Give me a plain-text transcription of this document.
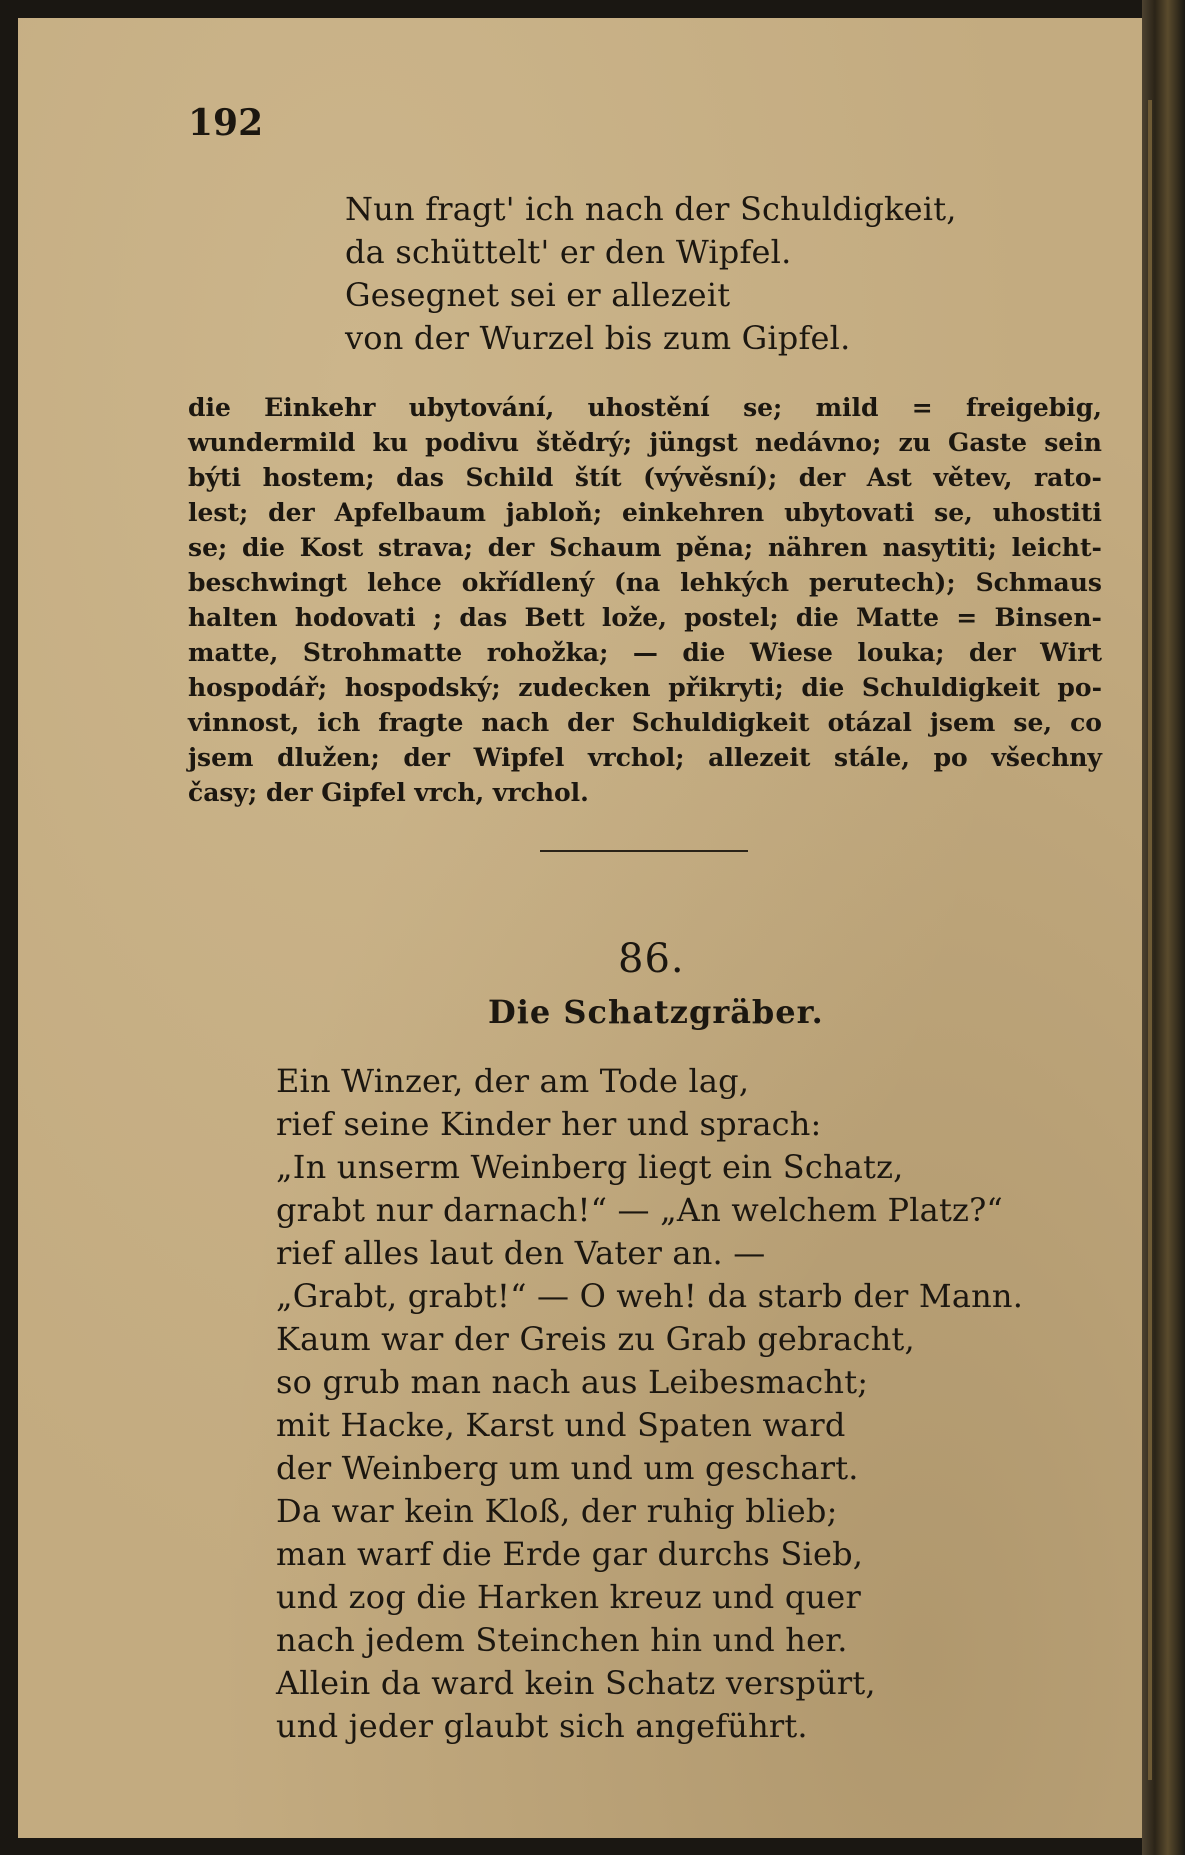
192
Nun fragt' ich nach der Schuldigkeit,
da schüttelt' er den Wipfel.
Gesegnet sei er allezeit
von der Wurzel bis zum Gipfel.
die Einkehr ubytování, uhostění se; mild = freigebig,
wundermild ku podivu štědrý; jüngst nedávno; zu Gaste sein
býti hostem; das Schild štít (vývěsní); der Ast větev, rato-
lest; der Apfelbaum jabloň; einkehren ubytovati se, uhostiti
se; die Kost strava; der Schaum pěna; nähren nasytiti; leicht-
beschwingt lehce okřídlený (na lehkých perutech); Schmaus
halten hodovati ; das Bett lože, postel; die Matte = Binsen-
matte, Strohmatte rohožka; — die Wiese louka; der Wirt
hospodář; hospodský; zudecken přikryti; die Schuldigkeit po-
vinnost, ich fragte nach der Schuldigkeit otázal jsem se, co
jsem dlužen; der Wipfel vrchol; allezeit stále, po všechny
časy; der Gipfel vrch, vrchol.
86.
Die Schatzgräber.
Ein Winzer, der am Tode lag,
rief seine Kinder her und sprach:
„In unserm Weinberg liegt ein Schatz,
grabt nur darnach!“ — „An welchem Platz?“
rief alles laut den Vater an. —
„Grabt, grabt!“ — O weh! da starb der Mann.
Kaum war der Greis zu Grab gebracht,
so grub man nach aus Leibesmacht;
mit Hacke, Karst und Spaten ward
der Weinberg um und um geschart.
Da war kein Kloß, der ruhig blieb;
man warf die Erde gar durchs Sieb,
und zog die Harken kreuz und quer
nach jedem Steinchen hin und her.
Allein da ward kein Schatz verspürt,
und jeder glaubt sich angeführt.
